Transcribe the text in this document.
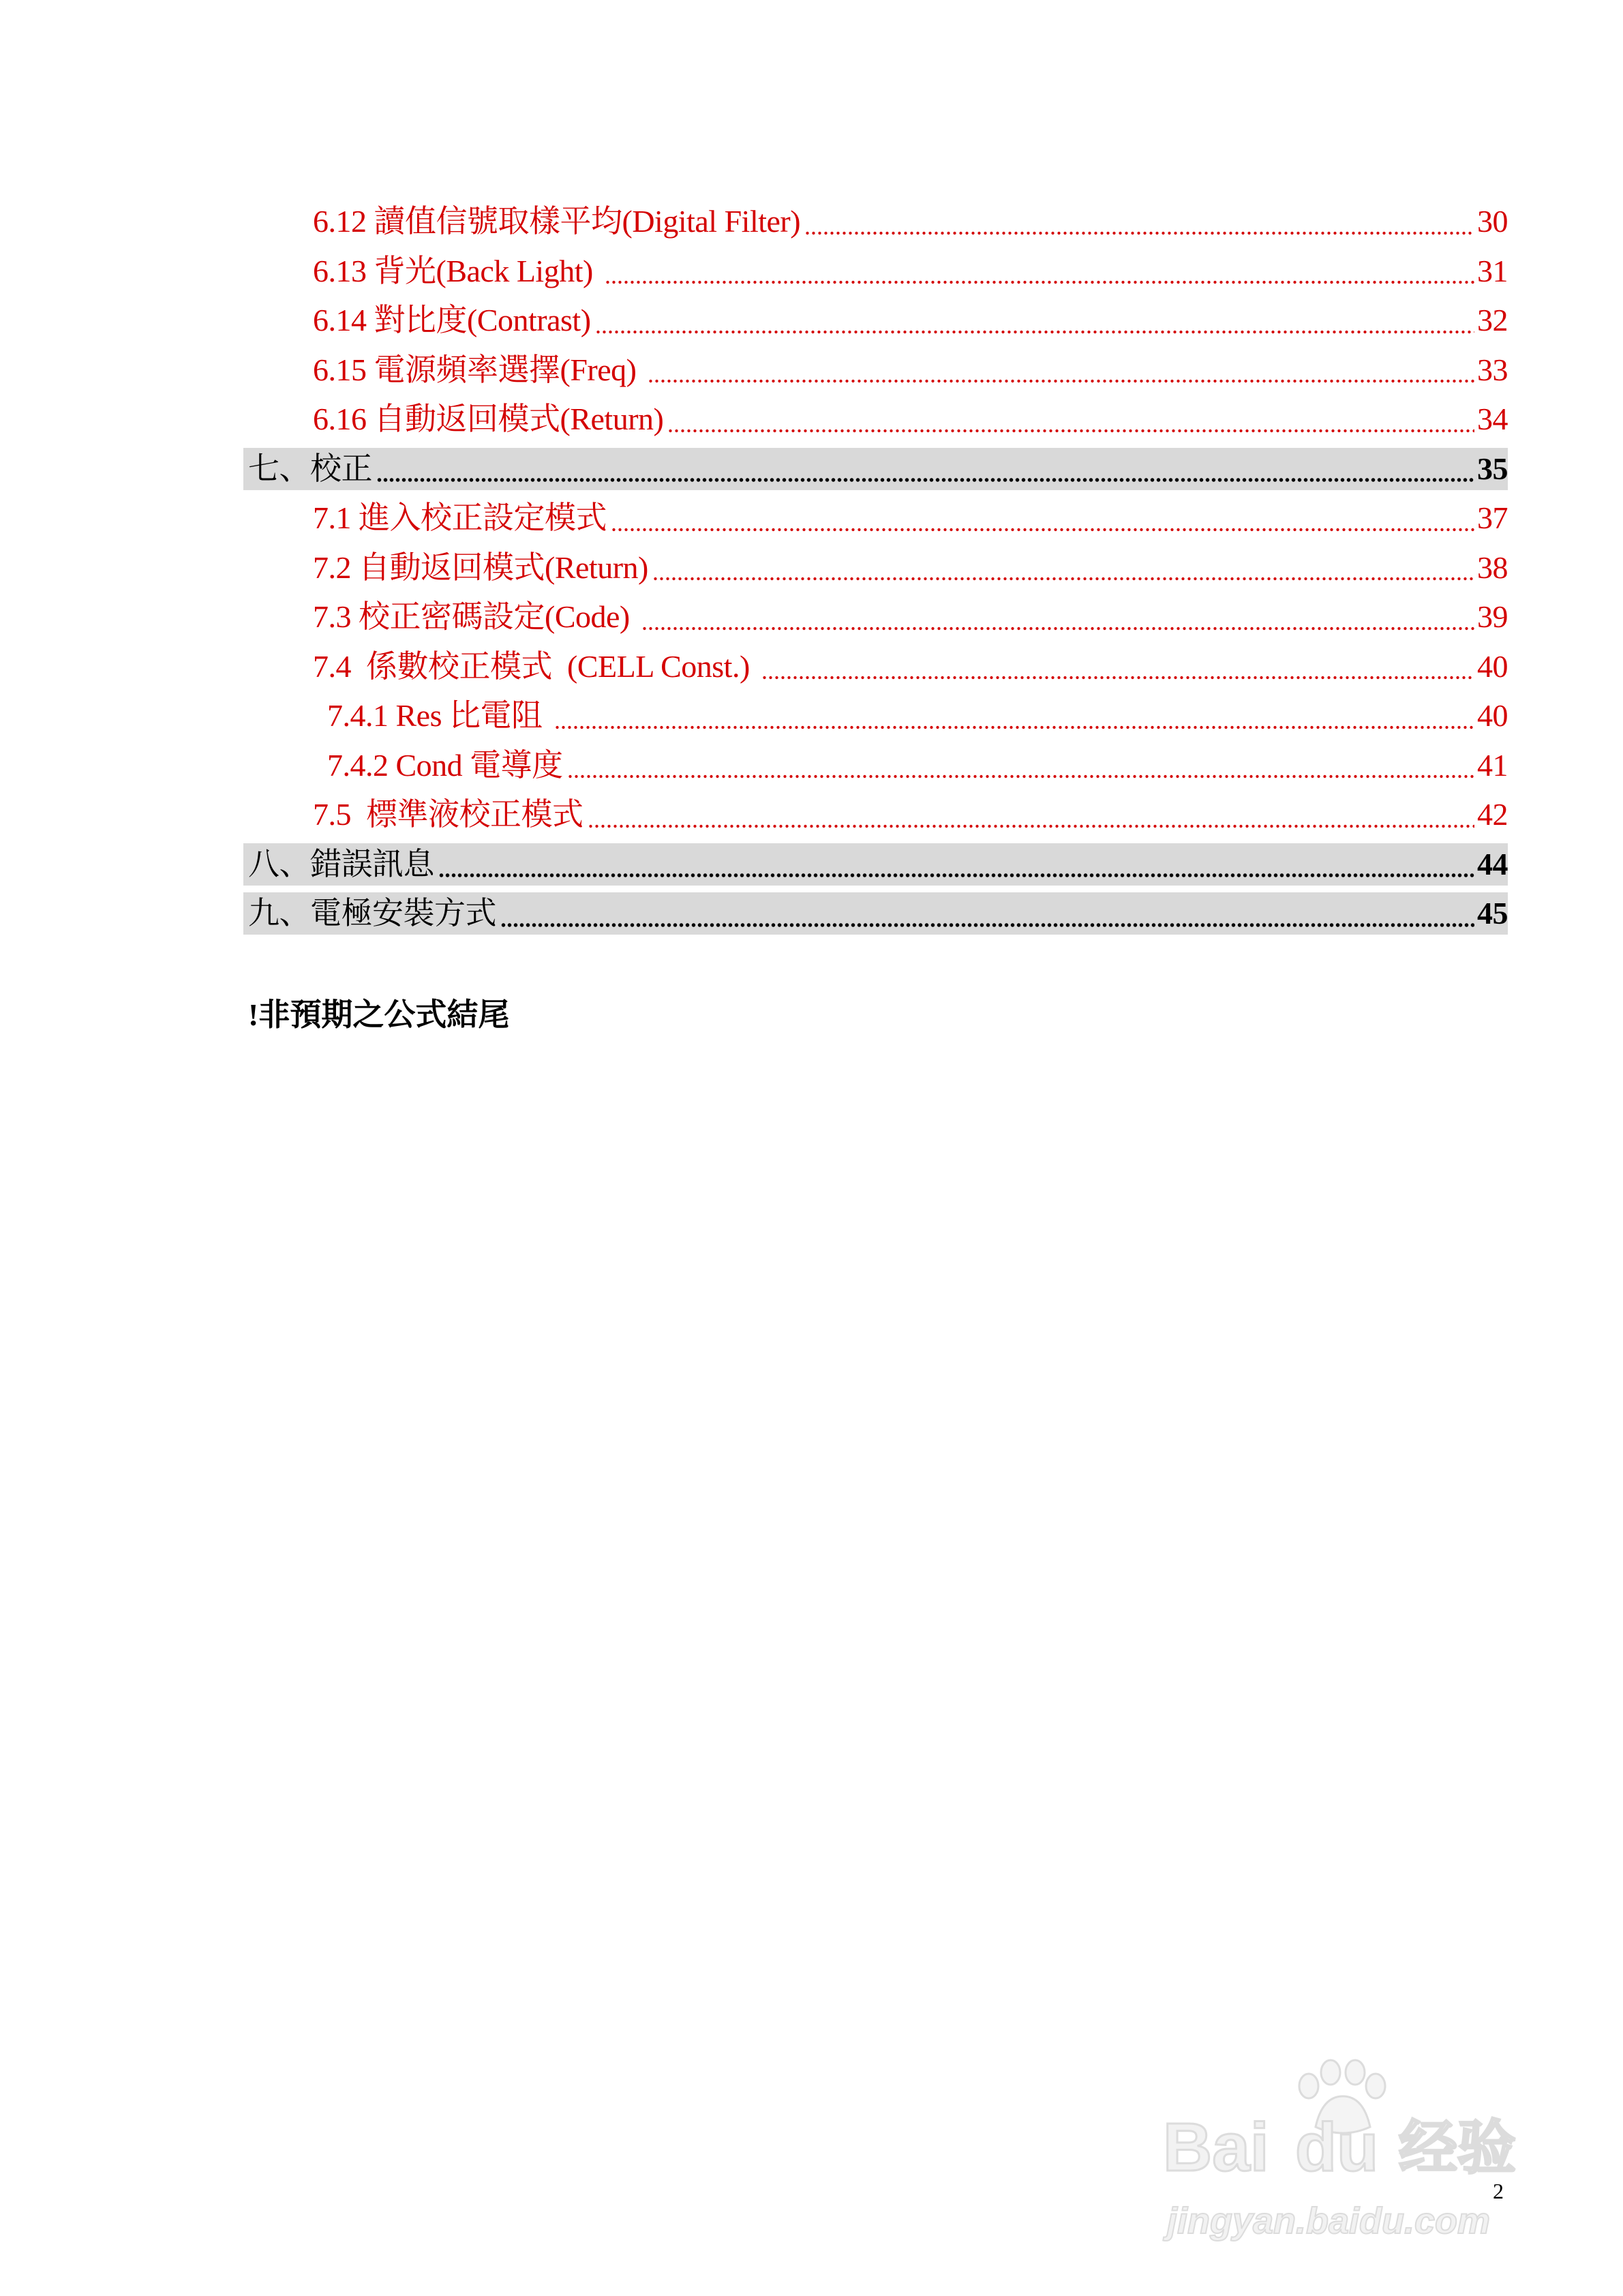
6.12 讀值信號取樣平均(Digital Filter)	30
6.13 背光(Back Light)	31
6.14 對比度(Contrast)	32
6.15 電源頻率選擇(Freq)	33
6.16 自動返回模式(Return)	34
七、校正	35
7.1 進入校正設定模式	37
7.2 自動返回模式(Return)	38
7.3 校正密碼設定(Code)	39
7.4  係數校正模式  (CELL Const.)	40
7.4.1 Res 比電阻	40
7.4.2 Cond 電導度	41
7.5  標準液校正模式	42
八、錯誤訊息	44
九、電極安裝方式	45
!非預期之公式結尾
Bai du 经验
jingyan.baidu.com
2
